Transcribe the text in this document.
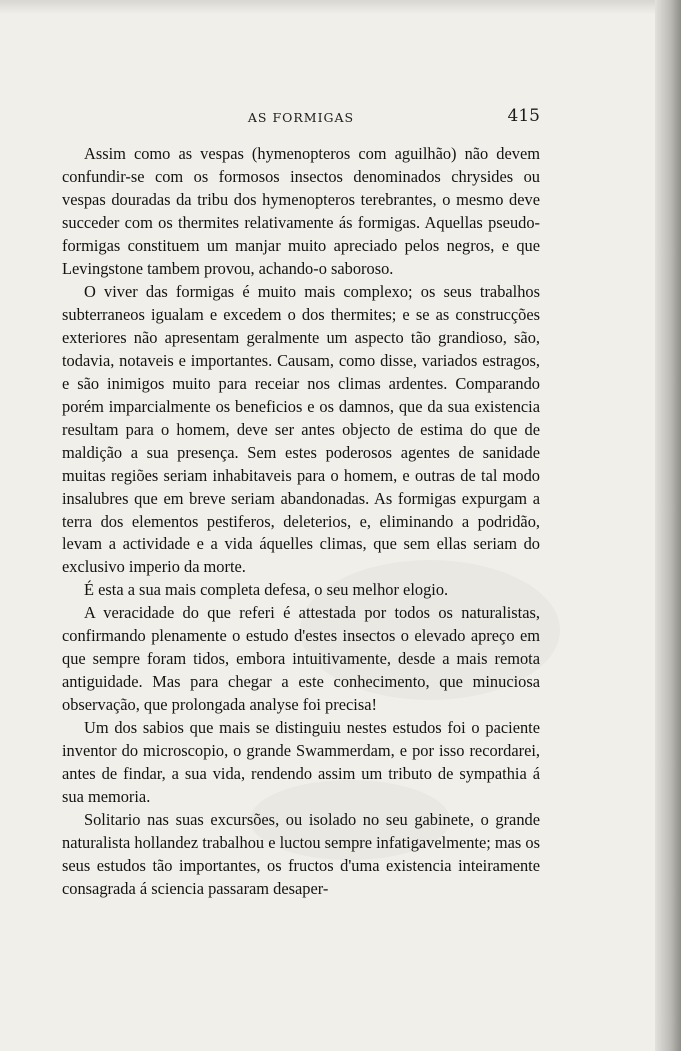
AS FORMIGAS	415

Assim como as vespas (hymenopteros com aguilhão) não devem confundir-se com os formosos insectos denominados chrysides ou vespas douradas da tribu dos hymenopteros terebrantes, o mesmo deve succeder com os thermites relativamente ás formigas. Aquellas pseudo-formigas constituem um manjar muito apreciado pelos negros, e que Levingstone tambem provou, achando-o saboroso.

O viver das formigas é muito mais complexo; os seus trabalhos subterraneos igualam e excedem o dos thermites; e se as construcções exteriores não apresentam geralmente um aspecto tão grandioso, são, todavia, notaveis e importantes. Causam, como disse, variados estragos, e são inimigos muito para receiar nos climas ardentes. Comparando porém imparcialmente os beneficios e os damnos, que da sua existencia resultam para o homem, deve ser antes objecto de estima do que de maldição a sua presença. Sem estes poderosos agentes de sanidade muitas regiões seriam inhabitaveis para o homem, e outras de tal modo insalubres que em breve seriam abandonadas. As formigas expurgam a terra dos elementos pestiferos, deleterios, e, eliminando a podridão, levam a actividade e a vida áquelles climas, que sem ellas seriam do exclusivo imperio da morte.

É esta a sua mais completa defesa, o seu melhor elogio.

A veracidade do que referi é attestada por todos os naturalistas, confirmando plenamente o estudo d'estes insectos o elevado apreço em que sempre foram tidos, embora intuitivamente, desde a mais remota antiguidade. Mas para chegar a este conhecimento, que minuciosa observação, que prolongada analyse foi precisa!

Um dos sabios que mais se distinguiu nestes estudos foi o paciente inventor do microscopio, o grande Swammerdam, e por isso recordarei, antes de findar, a sua vida, rendendo assim um tributo de sympathia á sua memoria.

Solitario nas suas excursões, ou isolado no seu gabinete, o grande naturalista hollandez trabalhou e luctou sempre infatigavelmente; mas os seus estudos tão importantes, os fructos d'uma existencia inteiramente consagrada á sciencia passaram desaper-
